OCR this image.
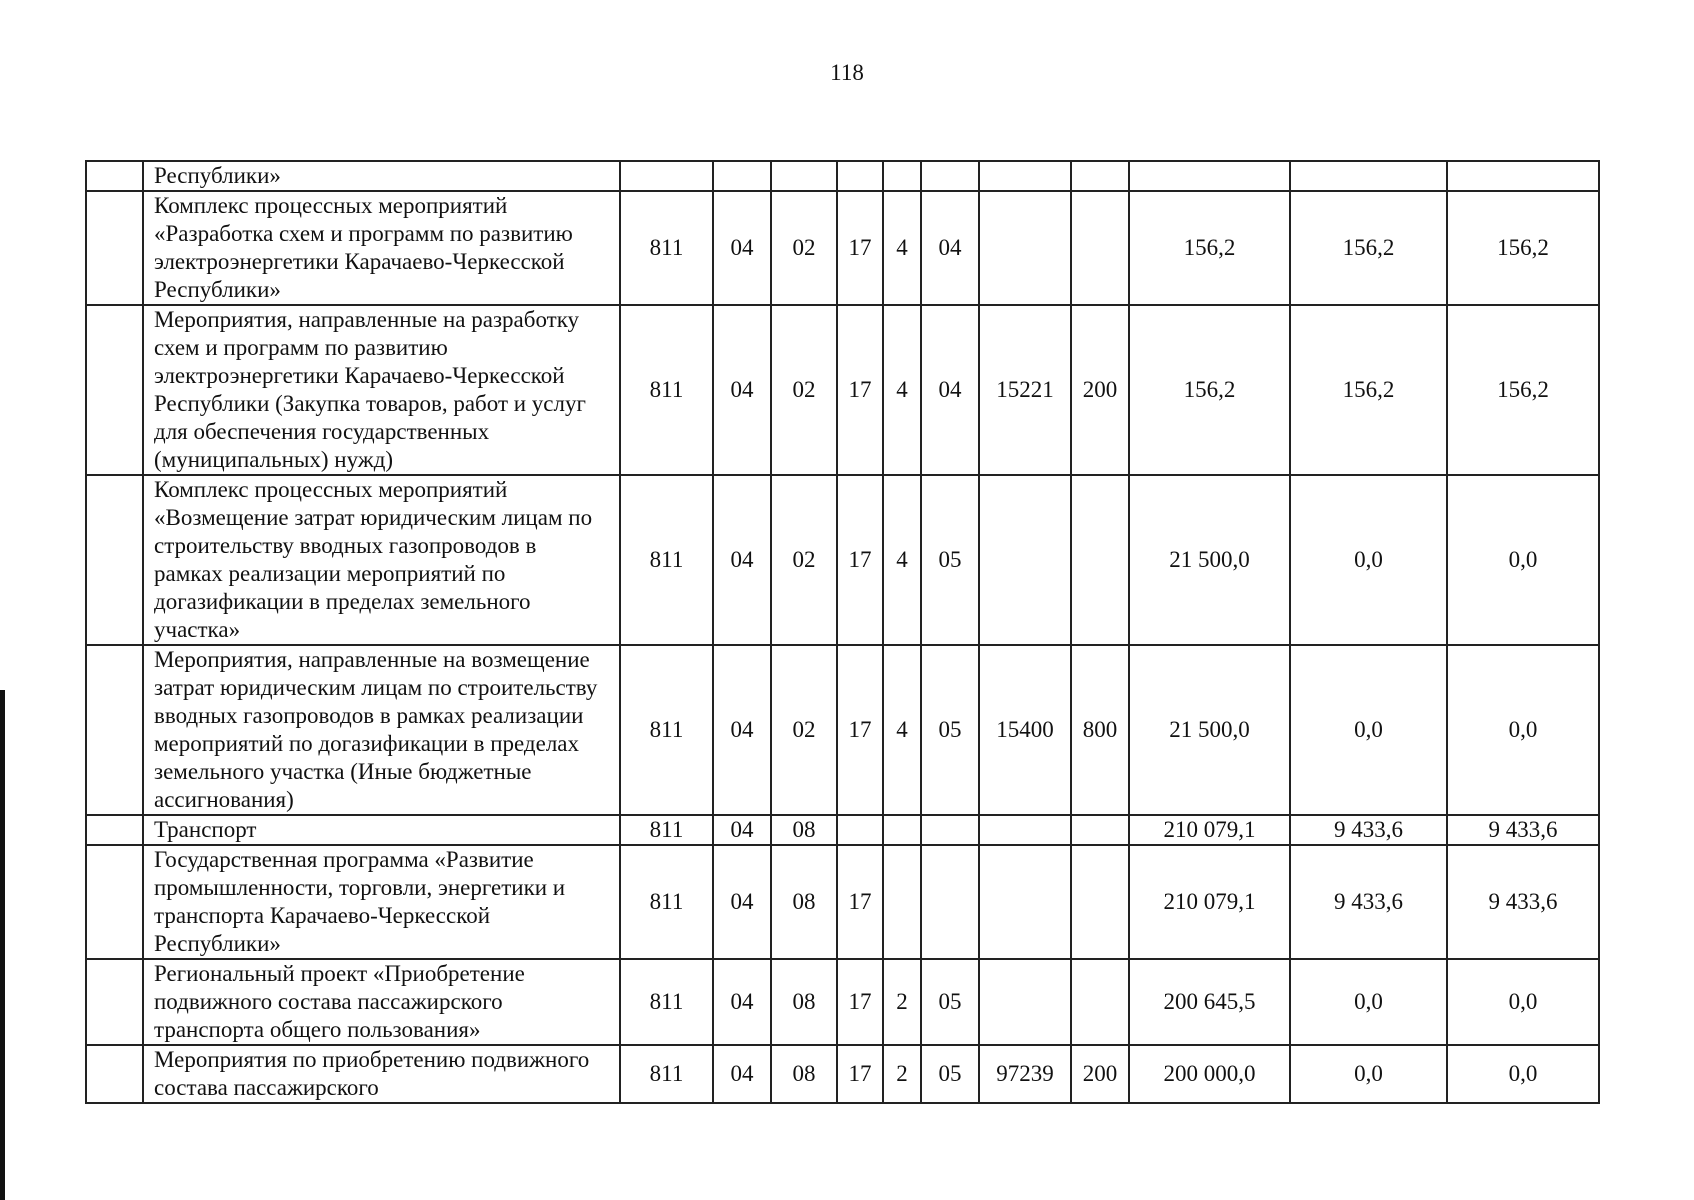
118
	Республики»											
	Комплекс процессных мероприятий «Разработка схем и программ по развитию электроэнергетики Карачаево-Черкесской Республики»	811	04	02	17	4	04			156,2	156,2	156,2
	Мероприятия, направленные на разработку схем и программ по развитию электроэнергетики Карачаево-Черкесской Республики (Закупка товаров, работ и услуг для обеспечения государственных (муниципальных) нужд)	811	04	02	17	4	04	15221	200	156,2	156,2	156,2
	Комплекс процессных мероприятий «Возмещение затрат юридическим лицам по строительству вводных газопроводов в рамках реализации мероприятий по догазификации в пределах земельного участка»	811	04	02	17	4	05			21 500,0	0,0	0,0
	Мероприятия, направленные на возмещение затрат юридическим лицам по строительству вводных газопроводов в рамках реализации мероприятий по догазификации в пределах земельного участка (Иные бюджетные ассигнования)	811	04	02	17	4	05	15400	800	21 500,0	0,0	0,0
	Транспорт	811	04	08						210 079,1	9 433,6	9 433,6
	Государственная программа «Развитие промышленности, торговли, энергетики и транспорта Карачаево-Черкесской Республики»	811	04	08	17					210 079,1	9 433,6	9 433,6
	Региональный проект «Приобретение подвижного состава пассажирского транспорта общего пользования»	811	04	08	17	2	05			200 645,5	0,0	0,0
	Мероприятия по приобретению подвижного состава пассажирского	811	04	08	17	2	05	97239	200	200 000,0	0,0	0,0
